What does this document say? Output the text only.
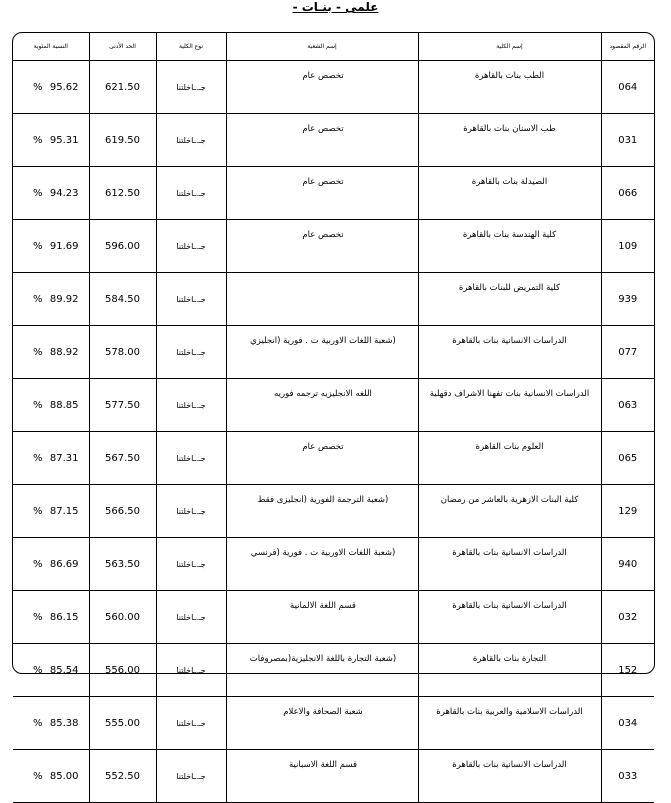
- علمى - بنـات
النسبة المئوية	الحد الأدنى	نوع الكلية	إسم الشعبة	إسم الكلية	الرقم المقصود

% 95.62	621.50	جـ.ـاخلتنا	تخصص عام	الطب بنات بالقاهرة	064

% 95.31	619.50	جـ.ـاخلتنا	تخصص عام	طب الاسنان بنات بالقاهرة	031

% 94.23	612.50	جـ.ـاخلتنا	تخصص عام	الصيدلة بنات بالقاهرة	066

% 91.69	596.00	جـ.ـاخلتنا	تخصص عام	كلية الهندسة بنات بالقاهرة	109

% 89.92	584.50	جـ.ـاخلتنا		كلية التمريض للبنات بالقاهرة	939

% 88.92	578.00	جـ.ـاخلتنا	(شعبة اللغات الاوربية ت . فورية (انجليزي	الدراسات الانسانية بنات بالقاهرة	077

% 88.85	577.50	جـ.ـاخلتنا	اللغه الانجليزيه ترجمه فوريه	الدراسات الانسانية بنات تفهنا الاشراف دقهلية	063

% 87.31	567.50	جـ.ـاخلتنا	تخصص عام	العلوم بنات القاهرة	065

% 87.15	566.50	جـ.ـاخلتنا	(شعبة الترجمة الفورية (انجليزى فقط	كلية البنات الازهرية بالعاشر من رمضان	129

% 86.69	563.50	جـ.ـاخلتنا	(شعبة اللغات الاوربية ت . فورية (فرنسي	الدراسات الانسانية بنات بالقاهرة	940

% 86.15	560.00	جـ.ـاخلتنا	قسم اللغة الالمانية	الدراسات الانسانية بنات بالقاهرة	032

% 85.54	556.00	جـ.ـاخلتنا	(شعبة التجارة باللغة الانجليزية(بمصروفات	التجارة بنات بالقاهرة	152

% 85.38	555.00	جـ.ـاخلتنا	شعبة الصحافة والاعلام	الدراسات الاسلامية والعربية بنات بالقاهرة	034

% 85.00	552.50	جـ.ـاخلتنا	قسم اللغة الاسبانية	الدراسات الانسانية بنات بالقاهرة	033
